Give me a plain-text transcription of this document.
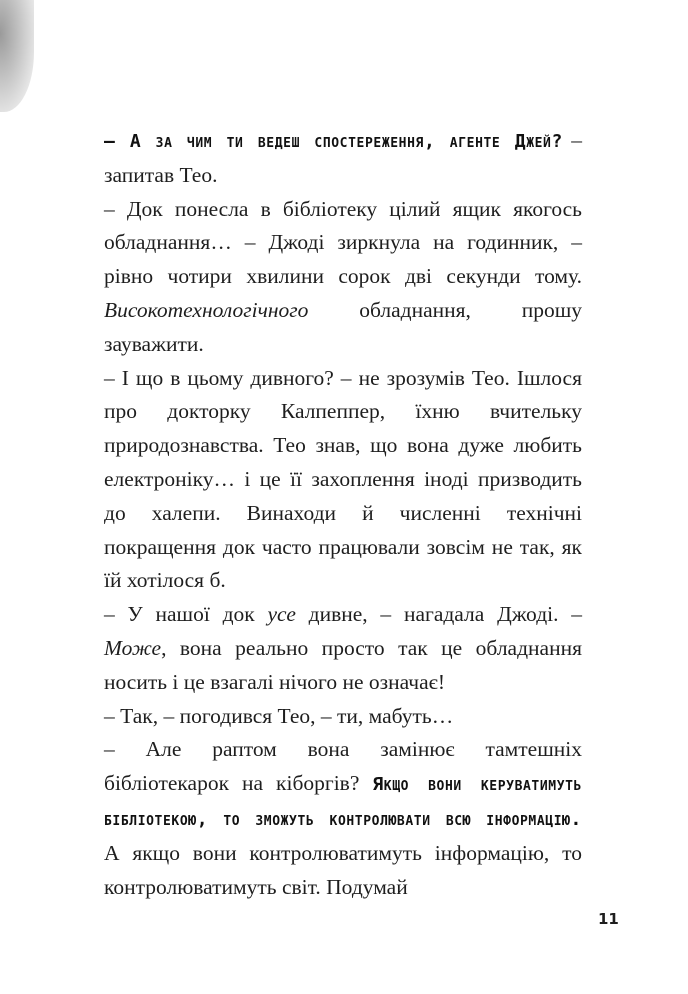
– А за чим ти ведеш спостереження, агенте Джей? – запитав Тео.

– Док понесла в бібліотеку цілий ящик якогось обладнання… – Джоді зиркнула на годинник, – рівно чотири хвилини сорок дві секунди тому. Високотехнологічного обладнання, прошу зауважити.

– І що в цьому дивного? – не зрозумів Тео. Ішлося про докторку Калпеппер, їхню вчительку природознавства. Тео знав, що вона дуже любить електроніку… і це її захоплення іноді призводить до халепи. Винаходи й численні технічні покращення док часто працювали зовсім не так, як їй хотілося б.

– У нашої док усе дивне, – нагадала Джоді. – Може, вона реально просто так це обладнання носить і це взагалі нічого не означає!

– Так, – погодився Тео, – ти, мабуть…

– Але раптом вона замінює тамтешніх бібліотекарок на кіборгів? Якщо вони керуватимуть бібліотекою, то зможуть контролювати всю інформацію. А якщо вони контролюватимуть інформацію, то контролюватимуть світ. Подумай

11
